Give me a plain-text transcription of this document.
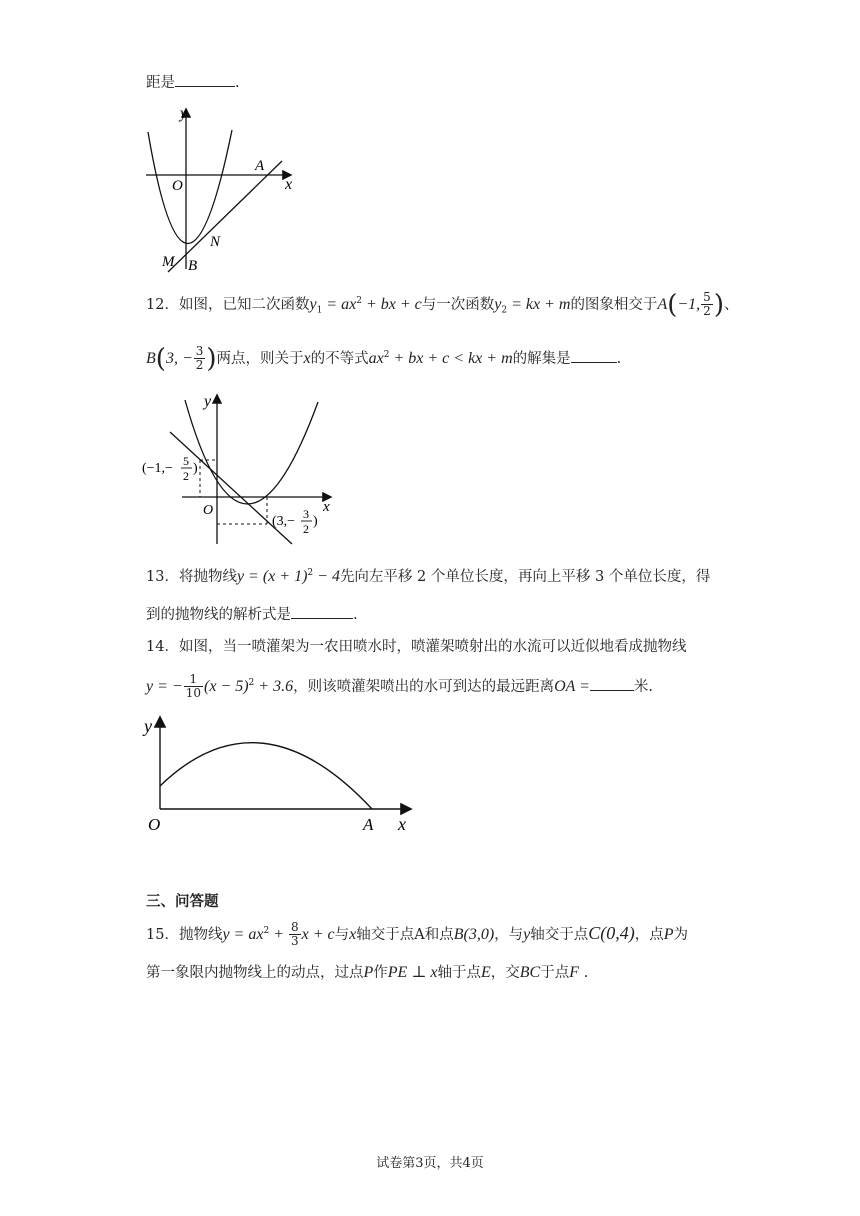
距是	.
y
x
O
A
N
M B
12．如图，已知二次函数$y_1 = ax^2$ + bx + c与一次函数$y_2$ = kx + m的图象相交于A(−1, $\frac{5}{2}$ )、
B(3, − $\frac{3}{2}$ )两点，则关于x的不等式$ax^2$ + bx + c < kx + m的解集是	.
y
x
O
(−1,− 5
2 )
(3,− 3
2 )
13．将抛物线$y = (x + 1)^2 - 4$先向左平移 2 个单位长度，再向上平移 3 个单位长度，得
到的抛物线的解析式是	.
14．如图，当一喷灌架为一农田喷水时，喷灌架喷射出的水流可以近似地看成抛物线
y = − $\frac{1}{10} (x - 5)^2 + 3.6$，则该喷灌架喷出的水可到达的最远距离OA =	米.
y
O	A x
三、问答题
15．抛物线$y = ax^2 + \frac{8}{3}$ x + c与x轴交于点A和点B(3,0)，与y轴交于点C(0,4)，点P为
第一象限内抛物线上的动点，过点P作PE ⊥ x轴于点E，交BC于点F .
试卷第3页，共4页
